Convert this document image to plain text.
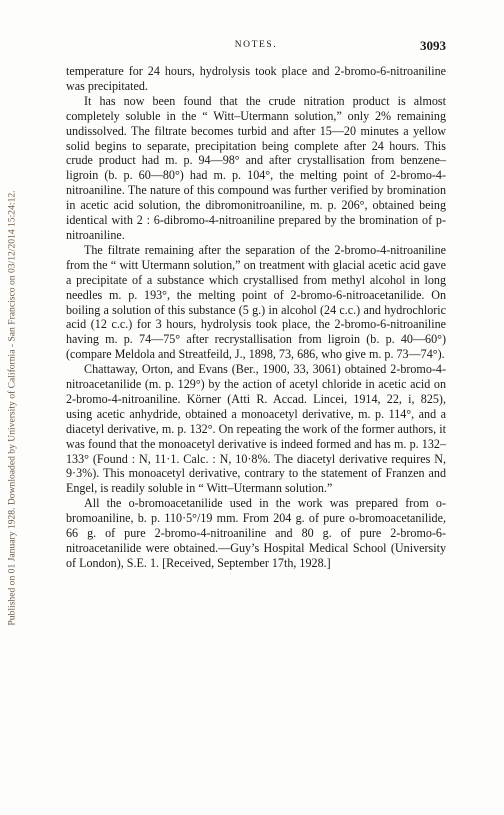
Published on 01 January 1928. Downloaded by University of California - San Francisco on 03/12/2014 15:24:12.
NOTES.	3093

temperature for 24 hours, hydrolysis took place and 2-bromo-6-nitroaniline was precipitated.

It has now been found that the crude nitration product is almost completely soluble in the “ Witt–Utermann solution,” only 2% remaining undissolved. The filtrate becomes turbid and after 15—20 minutes a yellow solid begins to separate, precipitation being complete after 24 hours. This crude product had m. p. 94—98° and after crystallisation from benzene–ligroin (b. p. 60—80°) had m. p. 104°, the melting point of 2-bromo-4-nitroaniline. The nature of this compound was further verified by bromination in acetic acid solution, the dibromonitroaniline, m. p. 206°, obtained being identical with 2 : 6-dibromo-4-nitroaniline prepared by the bromination of p-nitroaniline.

The filtrate remaining after the separation of the 2-bromo-4-nitroaniline from the “ witt Utermann solution,” on treatment with glacial acetic acid gave a precipitate of a substance which crystallised from methyl alcohol in long needles m. p. 193°, the melting point of 2-bromo-6-nitroacetanilide. On boiling a solution of this substance (5 g.) in alcohol (24 c.c.) and hydrochloric acid (12 c.c.) for 3 hours, hydrolysis took place, the 2-bromo-6-nitroaniline having m. p. 74—75° after recrystallisation from ligroin (b. p. 40—60°) (compare Meldola and Streatfeild, J., 1898, 73, 686, who give m. p. 73—74°).

Chattaway, Orton, and Evans (Ber., 1900, 33, 3061) obtained 2-bromo-4-nitroacetanilide (m. p. 129°) by the action of acetyl chloride in acetic acid on 2-bromo-4-nitroaniline. Körner (Atti R. Accad. Lincei, 1914, 22, i, 825), using acetic anhydride, obtained a monoacetyl derivative, m. p. 114°, and a diacetyl derivative, m. p. 132°. On repeating the work of the former authors, it was found that the monoacetyl derivative is indeed formed and has m. p. 132–133° (Found : N, 11·1. Calc. : N, 10·8%. The diacetyl derivative requires N, 9·3%). This monoacetyl derivative, contrary to the statement of Franzen and Engel, is readily soluble in “ Witt–Utermann solution.”

All the o-bromoacetanilide used in the work was prepared from o-bromoaniline, b. p. 110·5°/19 mm. From 204 g. of pure o-bromoacetanilide, 66 g. of pure 2-bromo-4-nitroaniline and 80 g. of pure 2-bromo-6-nitroacetanilide were obtained.—Guy’s Hospital Medical School (University of London), S.E. 1. [Received, September 17th, 1928.]
